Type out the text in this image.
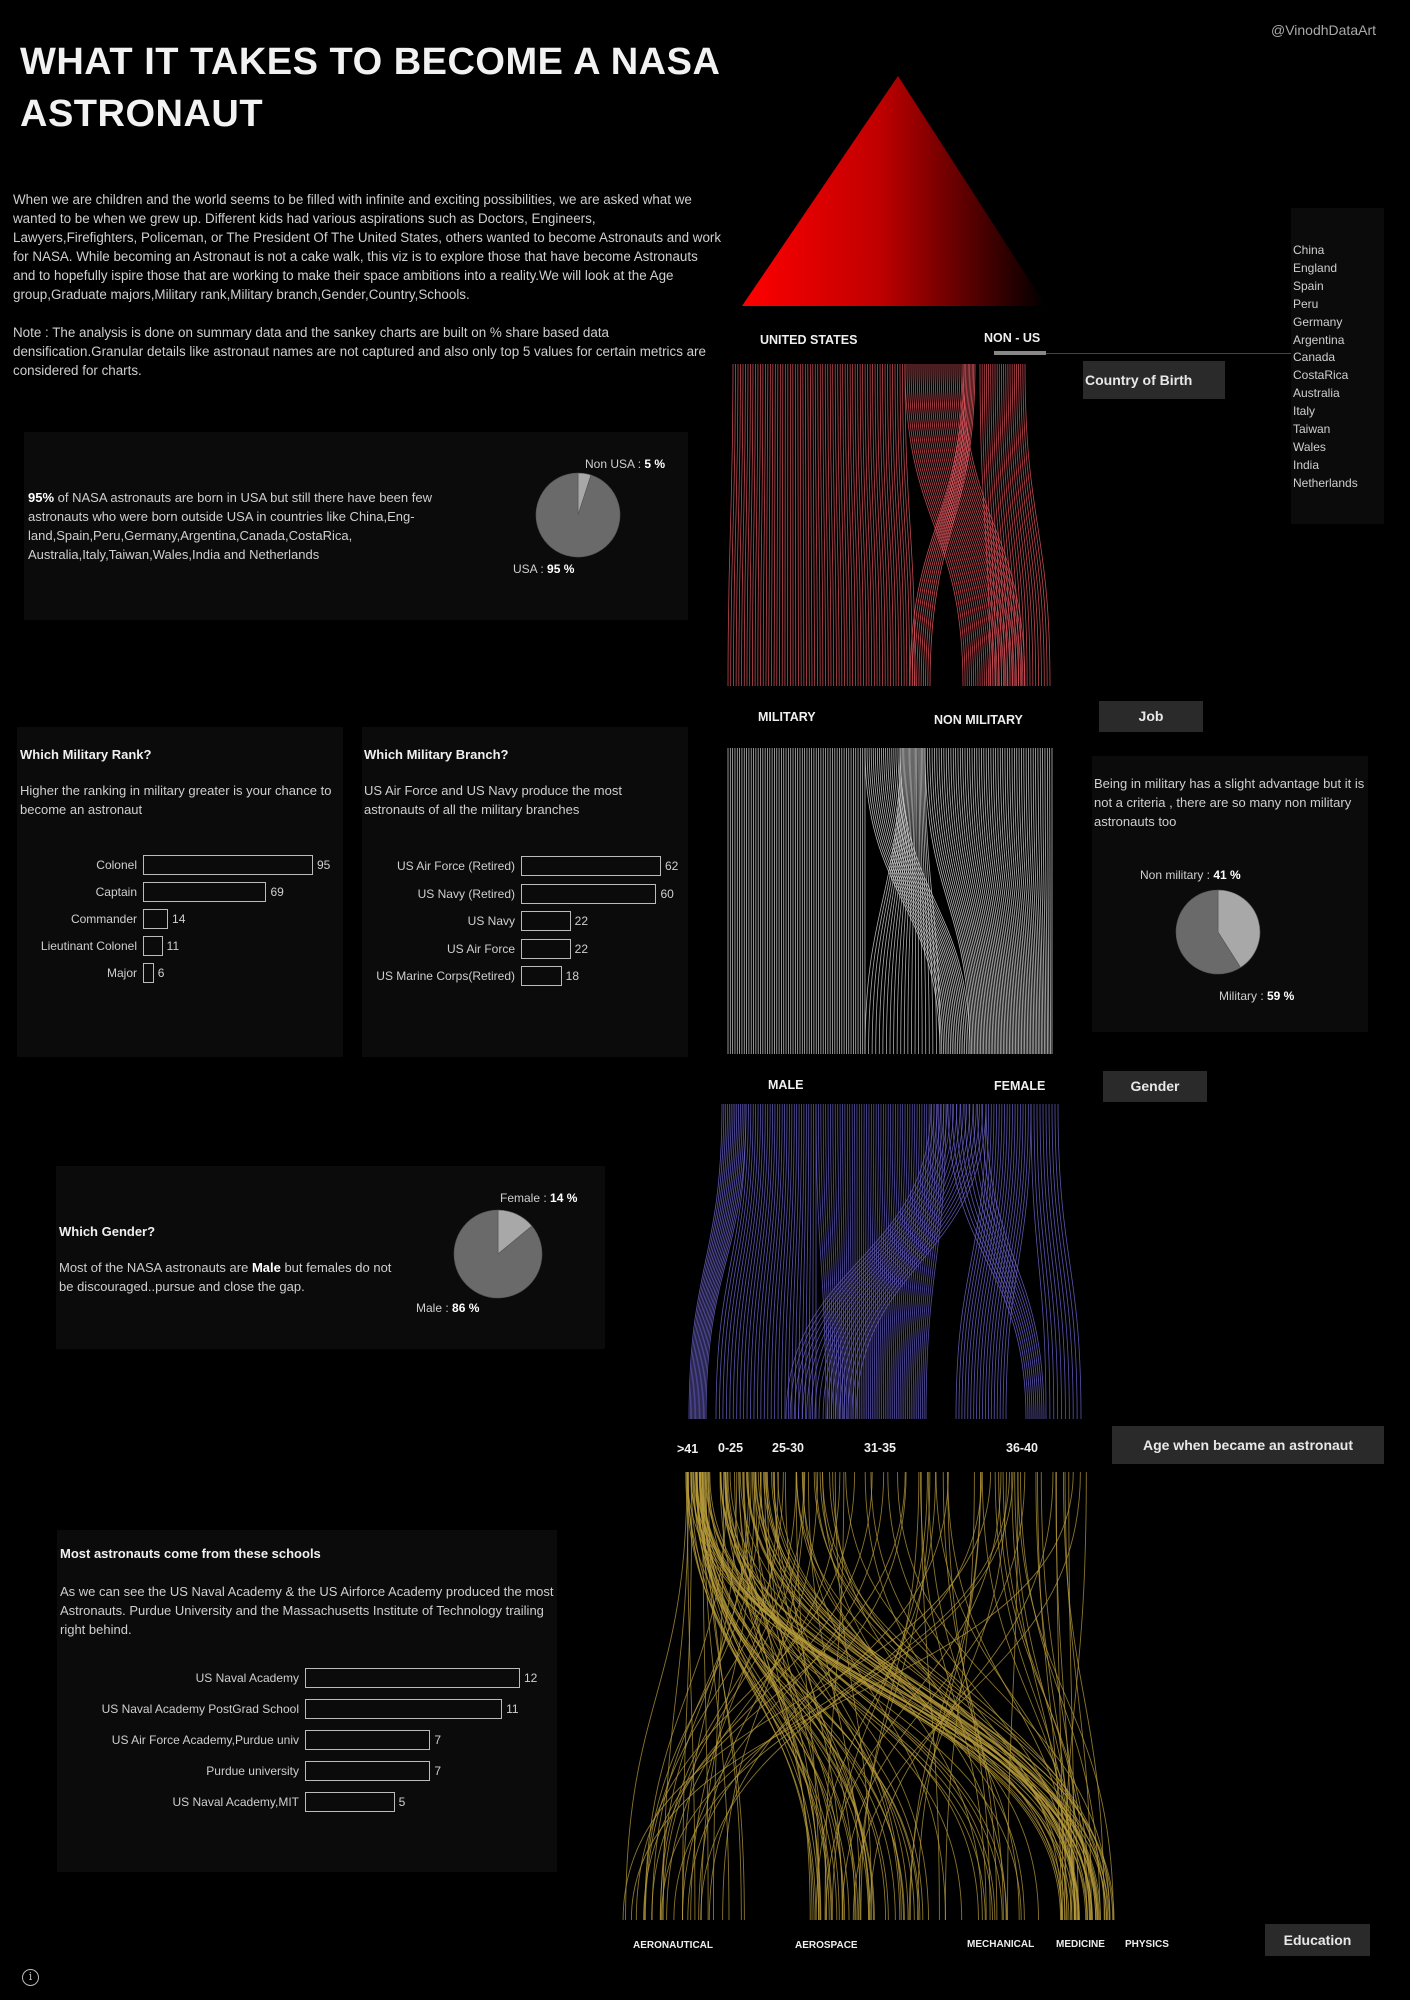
WHAT IT TAKES TO BECOME A NASA ASTRONAUT
@VinodhDataArt

When we are children and the world seems to be filled with infinite and exciting possibilities, we are asked what we wanted to be when we grew up. Different kids had various aspirations such as Doctors, Engineers, Lawyers,Firefighters, Policeman, or The President Of The United States, others wanted to become Astronauts and work for NASA. While becoming an Astronaut is not a cake walk, this viz is to explore those that have become Astronauts and to hopefully ispire those that are working to make their space ambitions into a reality.We will look at the Age group,Graduate majors,Military rank,Military branch,Gender,Country,Schools.

Note : The analysis is done on summary data and the sankey charts are built on % share based data densification.Granular details like astronaut names are not captured and also only top 5 values for certain metrics are considered for charts.

UNITED STATES	NON - US
Country of Birth
China
England
Spain
Peru
Germany
Argentina
Canada
CostaRica
Australia
Italy
Taiwan
Wales
India
Netherlands
95% of NASA astronauts are born in USA but still there have been few astronauts who were born outside USA in countries like China,Eng-land,Spain,Peru,Germany,Argentina,Canada,CostaRica, Australia,Italy,Taiwan,Wales,India and Netherlands
Non USA : 5 %
USA : 95 %
MILITARY	NON MILITARY	Job
Which Military Rank?
Higher the ranking in military greater is your chance to become an astronaut
Colonel	95
Captain	69
Commander	14
Lieutinant Colonel 11
Major 6
Which Military Branch?
US Air Force and US Navy produce the most astronauts of all the military branches
US Air Force (Retired)	62
US Navy (Retired)	60
US Navy	22
US Air Force	22
US Marine Corps(Retired)	18
Being in military has a slight advantage but it is not a criteria , there are so many non military astronauts too
Non military : 41 %
Military : 59 %
MALE	FEMALE	Gender
Which Gender?
Most of the NASA astronauts are Male but females do not be discouraged..pursue and close the gap.
Female : 14 %
Male : 86 %
>41 0-25 25-30	31-35	36-40	Age when became an astronaut
AERONAUTICAL	AEROSPACE	MECHANICAL MEDICINE PHYSICS	Education
Most astronauts come from these schools
As we can see the US Naval Academy & the US Airforce Academy produced the most Astronauts. Purdue University and the Massachusetts Institute of Technology trailing right behind.
US Naval Academy	12
US Naval Academy PostGrad School	11
US Air Force Academy,Purdue univ	7
Purdue university	7
US Naval Academy,MIT	5
i
